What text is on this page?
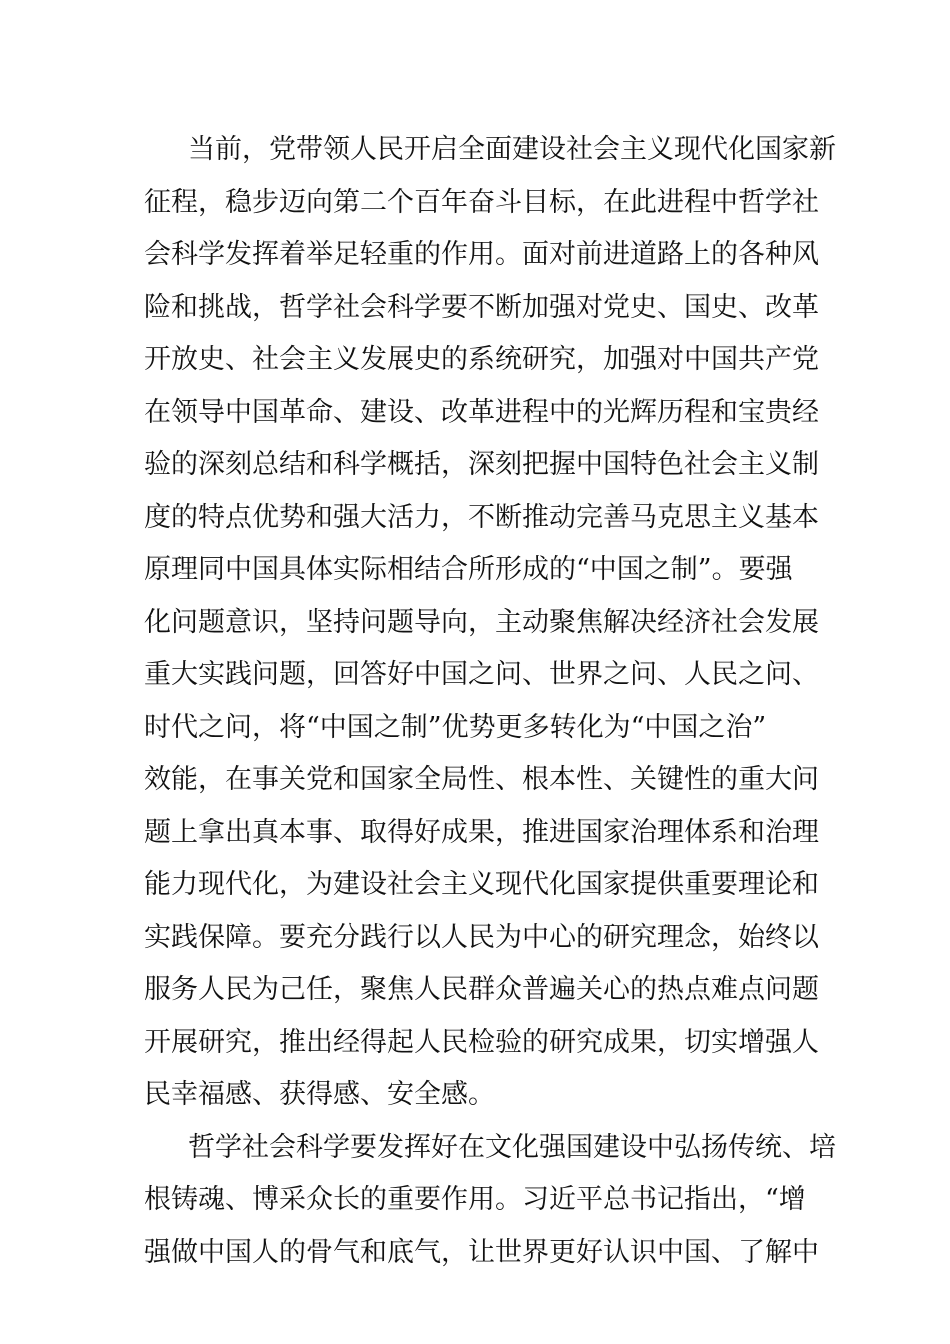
当前，党带领人民开启全面建设社会主义现代化国家新
征程，稳步迈向第二个百年奋斗目标，在此进程中哲学社
会科学发挥着举足轻重的作用。面对前进道路上的各种风
险和挑战，哲学社会科学要不断加强对党史、国史、改革
开放史、社会主义发展史的系统研究，加强对中国共产党
在领导中国革命、建设、改革进程中的光辉历程和宝贵经
验的深刻总结和科学概括，深刻把握中国特色社会主义制
度的特点优势和强大活力，不断推动完善马克思主义基本
原理同中国具体实际相结合所形成的“中国之制”。要强
化问题意识，坚持问题导向，主动聚焦解决经济社会发展
重大实践问题，回答好中国之问、世界之问、人民之问、
时代之问，将“中国之制”优势更多转化为“中国之治”
效能，在事关党和国家全局性、根本性、关键性的重大问
题上拿出真本事、取得好成果，推进国家治理体系和治理
能力现代化，为建设社会主义现代化国家提供重要理论和
实践保障。要充分践行以人民为中心的研究理念，始终以
服务人民为己任，聚焦人民群众普遍关心的热点难点问题
开展研究，推出经得起人民检验的研究成果，切实增强人
民幸福感、获得感、安全感。

哲学社会科学要发挥好在文化强国建设中弘扬传统、培
根铸魂、博采众长的重要作用。习近平总书记指出，“增
强做中国人的骨气和底气，让世界更好认识中国、了解中
